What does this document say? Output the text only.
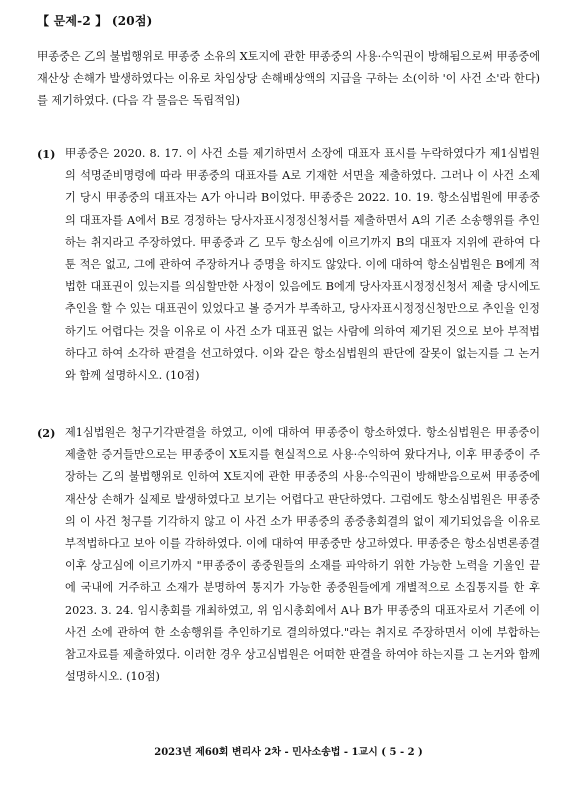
【 문제-2 】 (20점)
甲종중은 乙의 불법행위로 甲종중 소유의 X토지에 관한 甲종중의 사용·수익권이 방해됨으로써 甲종중에 재산상 손해가 발생하였다는 이유로 차임상당 손해배상액의 지급을 구하는 소(이하 '이 사건 소'라 한다)를 제기하였다. (다음 각 물음은 독립적임)
(1) 甲종중은 2020. 8. 17. 이 사건 소를 제기하면서 소장에 대표자 표시를 누락하였다가 제1심법원의 석명준비명령에 따라 甲종중의 대표자를 A로 기재한 서면을 제출하였다. 그러나 이 사건 소제기 당시 甲종중의 대표자는 A가 아니라 B이었다. 甲종중은 2022. 10. 19. 항소심법원에 甲종중의 대표자를 A에서 B로 경정하는 당사자표시정정신청서를 제출하면서 A의 기존 소송행위를 추인하는 취지라고 주장하였다. 甲종중과 乙 모두 항소심에 이르기까지 B의 대표자 지위에 관하여 다툰 적은 없고, 그에 관하여 주장하거나 증명을 하지도 않았다. 이에 대하여 항소심법원은 B에게 적법한 대표권이 있는지를 의심할만한 사정이 있음에도 B에게 당사자표시정정신청서 제출 당시에도 추인을 할 수 있는 대표권이 있었다고 볼 증거가 부족하고, 당사자표시정정신청만으로 추인을 인정하기도 어렵다는 것을 이유로 이 사건 소가 대표권 없는 사람에 의하여 제기된 것으로 보아 부적법하다고 하여 소각하 판결을 선고하였다. 이와 같은 항소심법원의 판단에 잘못이 없는지를 그 논거와 함께 설명하시오. (10점)
(2) 제1심법원은 청구기각판결을 하였고, 이에 대하여 甲종중이 항소하였다. 항소심법원은 甲종중이 제출한 증거들만으로는 甲종중이 X토지를 현실적으로 사용·수익하여 왔다거나, 이후 甲종중이 주장하는 乙의 불법행위로 인하여 X토지에 관한 甲종중의 사용·수익권이 방해받음으로써 甲종중에 재산상 손해가 실제로 발생하였다고 보기는 어렵다고 판단하였다. 그럼에도 항소심법원은 甲종중의 이 사건 청구를 기각하지 않고 이 사건 소가 甲종중의 종중총회결의 없이 제기되었음을 이유로 부적법하다고 보아 이를 각하하였다. 이에 대하여 甲종중만 상고하였다. 甲종중은 항소심변론종결 이후 상고심에 이르기까지 "甲종중이 종중원들의 소재를 파악하기 위한 가능한 노력을 기울인 끝에 국내에 거주하고 소재가 분명하여 통지가 가능한 종중원들에게 개별적으로 소집통지를 한 후 2023. 3. 24. 임시총회를 개최하였고, 위 임시총회에서 A나 B가 甲종중의 대표자로서 기존에 이 사건 소에 관하여 한 소송행위를 추인하기로 결의하였다."라는 취지로 주장하면서 이에 부합하는 참고자료를 제출하였다. 이러한 경우 상고심법원은 어떠한 판결을 하여야 하는지를 그 논거와 함께 설명하시오. (10점)
2023년 제60회 변리사 2차 - 민사소송법 - 1교시 ( 5 - 2 )
